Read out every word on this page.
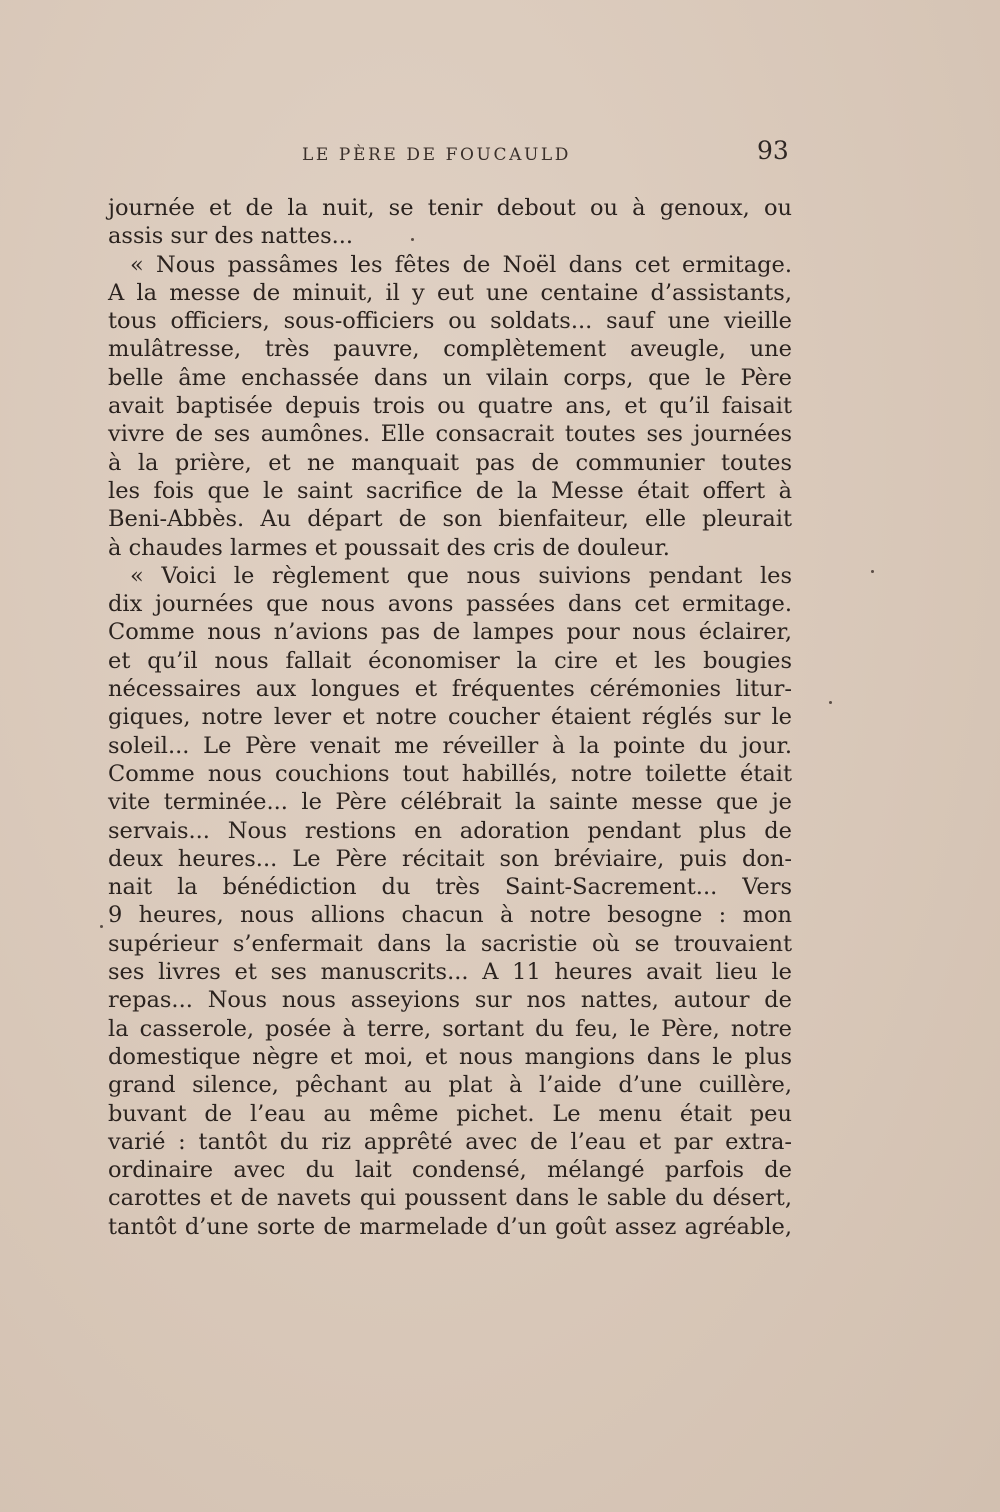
LE PÈRE DE FOUCAULD	93
journée et de la nuit, se tenir debout ou à genoux, ou
assis sur des nattes...
« Nous passâmes les fêtes de Noël dans cet ermitage.
A la messe de minuit, il y eut une centaine d’assistants,
tous officiers, sous-officiers ou soldats... sauf une vieille
mulâtresse, très pauvre, complètement aveugle, une
belle âme enchassée dans un vilain corps, que le Père
avait baptisée depuis trois ou quatre ans, et qu’il faisait
vivre de ses aumônes. Elle consacrait toutes ses journées
à la prière, et ne manquait pas de communier toutes
les fois que le saint sacrifice de la Messe était offert à
Beni-Abbès. Au départ de son bienfaiteur, elle pleurait
à chaudes larmes et poussait des cris de douleur.
« Voici le règlement que nous suivions pendant les
dix journées que nous avons passées dans cet ermitage.
Comme nous n’avions pas de lampes pour nous éclairer,
et qu’il nous fallait économiser la cire et les bougies
nécessaires aux longues et fréquentes cérémonies litur-
giques, notre lever et notre coucher étaient réglés sur le
soleil... Le Père venait me réveiller à la pointe du jour.
Comme nous couchions tout habillés, notre toilette était
vite terminée... le Père célébrait la sainte messe que je
servais... Nous restions en adoration pendant plus de
deux heures... Le Père récitait son bréviaire, puis don-
nait la bénédiction du très Saint-Sacrement... Vers
9 heures, nous allions chacun à notre besogne : mon
supérieur s’enfermait dans la sacristie où se trouvaient
ses livres et ses manuscrits... A 11 heures avait lieu le
repas... Nous nous asseyions sur nos nattes, autour de
la casserole, posée à terre, sortant du feu, le Père, notre
domestique nègre et moi, et nous mangions dans le plus
grand silence, pêchant au plat à l’aide d’une cuillère,
buvant de l’eau au même pichet. Le menu était peu
varié : tantôt du riz apprêté avec de l’eau et par extra-
ordinaire avec du lait condensé, mélangé parfois de
carottes et de navets qui poussent dans le sable du désert,
tantôt d’une sorte de marmelade d’un goût assez agréable,
